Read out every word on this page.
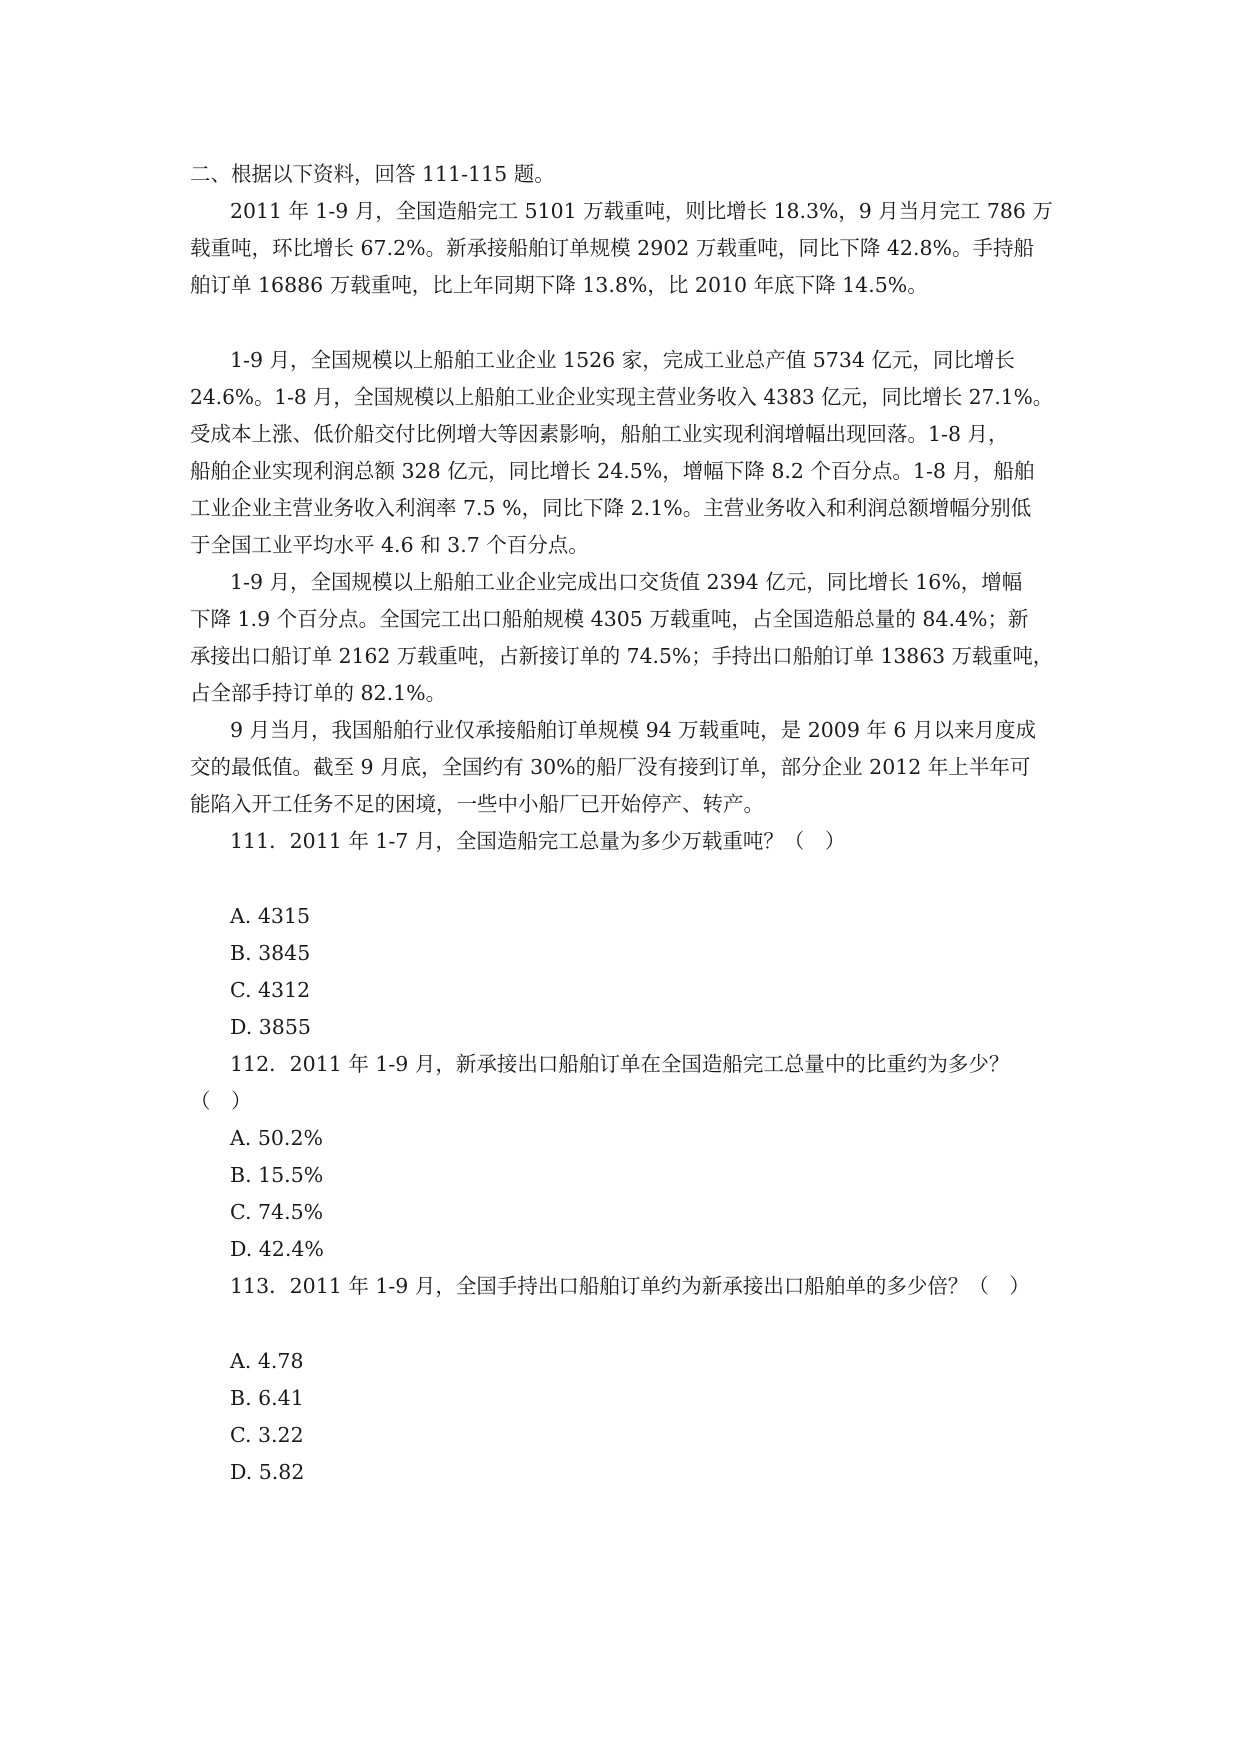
二、根据以下资料，回答 111-115 题。
2011 年 1-9 月，全国造船完工 5101 万载重吨，则比增长 18.3%，9 月当月完工 786 万
载重吨，环比增长 67.2%。新承接船舶订单规模 2902 万载重吨，同比下降 42.8%。手持船
舶订单 16886 万载重吨，比上年同期下降 13.8%，比 2010 年底下降 14.5%。
1-9 月，全国规模以上船舶工业企业 1526 家，完成工业总产值 5734 亿元，同比增长
24.6%。1-8 月，全国规模以上船舶工业企业实现主营业务收入 4383 亿元，同比增长 27.1%。
受成本上涨、低价船交付比例增大等因素影响，船舶工业实现利润增幅出现回落。1-8 月，
船舶企业实现利润总额 328 亿元，同比增长 24.5%，增幅下降 8.2 个百分点。1-8 月，船舶
工业企业主营业务收入利润率 7.5 %，同比下降 2.1%。主营业务收入和利润总额增幅分别低
于全国工业平均水平 4.6 和 3.7 个百分点。
1-9 月，全国规模以上船舶工业企业完成出口交货值 2394 亿元，同比增长 16%，增幅
下降 1.9 个百分点。全国完工出口船舶规模 4305 万载重吨，占全国造船总量的 84.4%；新
承接出口船订单 2162 万载重吨，占新接订单的 74.5%；手持出口船舶订单 13863 万载重吨，
占全部手持订单的 82.1%。
9 月当月，我国船舶行业仅承接船舶订单规模 94 万载重吨，是 2009 年 6 月以来月度成
交的最低值。截至 9 月底，全国约有 30%的船厂没有接到订单，部分企业 2012 年上半年可
能陷入开工任务不足的困境，一些中小船厂已开始停产、转产。
111．2011 年 1-7 月，全国造船完工总量为多少万载重吨？（　）
A. 4315
B. 3845
C. 4312
D. 3855
112．2011 年 1-9 月，新承接出口船舶订单在全国造船完工总量中的比重约为多少？
（　）
A. 50.2%
B. 15.5%
C. 74.5%
D. 42.4%
113．2011 年 1-9 月，全国手持出口船舶订单约为新承接出口船舶单的多少倍？（　）
A. 4.78
B. 6.41
C. 3.22
D. 5.82
